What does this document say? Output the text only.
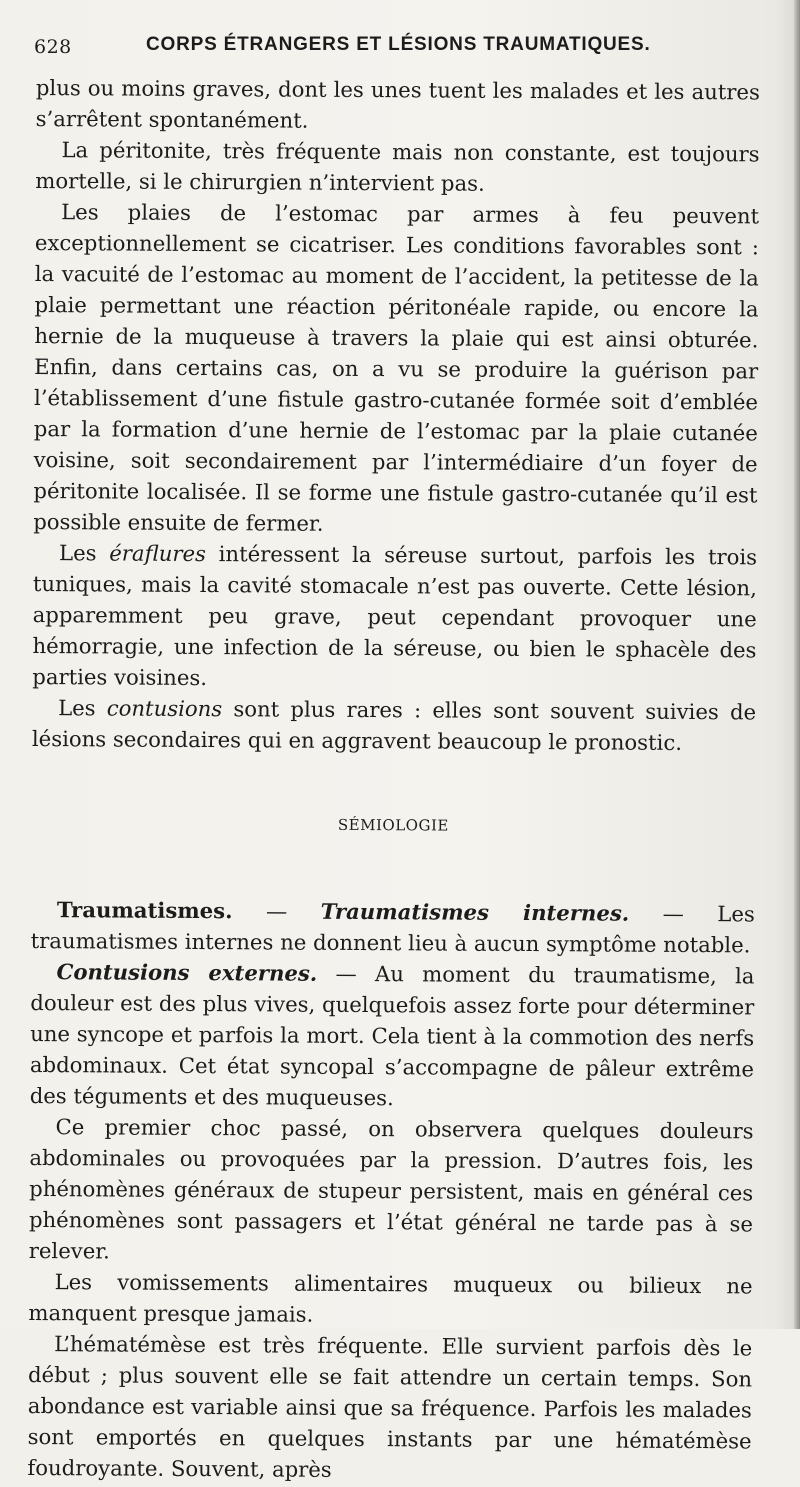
628	CORPS ÉTRANGERS ET LÉSIONS TRAUMATIQUES.

plus ou moins graves, dont les unes tuent les malades et les autres s’arrêtent spontanément.

La péritonite, très fréquente mais non constante, est toujours mortelle, si le chirurgien n’intervient pas.

Les plaies de l’estomac par armes à feu peuvent exceptionnellement se cicatriser. Les conditions favorables sont : la vacuité de l’estomac au moment de l’accident, la petitesse de la plaie permettant une réaction péritonéale rapide, ou encore la hernie de la muqueuse à travers la plaie qui est ainsi obturée. Enfin, dans certains cas, on a vu se produire la guérison par l’établissement d’une fistule gastro-cutanée formée soit d’emblée par la formation d’une hernie de l’estomac par la plaie cutanée voisine, soit secondairement par l’intermédiaire d’un foyer de péritonite localisée. Il se forme une fistule gastro-cutanée qu’il est possible ensuite de fermer.

Les éraflures intéressent la séreuse surtout, parfois les trois tuniques, mais la cavité stomacale n’est pas ouverte. Cette lésion, apparemment peu grave, peut cependant provoquer une hémorragie, une infection de la séreuse, ou bien le sphacèle des parties voisines.

Les contusions sont plus rares : elles sont souvent suivies de lésions secondaires qui en aggravent beaucoup le pronostic.

SÉMIOLOGIE

Traumatismes. — Traumatismes internes. — Les traumatismes internes ne donnent lieu à aucun symptôme notable.

Contusions externes. — Au moment du traumatisme, la douleur est des plus vives, quelquefois assez forte pour déterminer une syncope et parfois la mort. Cela tient à la commotion des nerfs abdominaux. Cet état syncopal s’accompagne de pâleur extrême des téguments et des muqueuses.

Ce premier choc passé, on observera quelques douleurs abdominales ou provoquées par la pression. D’autres fois, les phénomènes généraux de stupeur persistent, mais en général ces phénomènes sont passagers et l’état général ne tarde pas à se relever.

Les vomissements alimentaires muqueux ou bilieux ne manquent presque jamais.

L’hématémèse est très fréquente. Elle survient parfois dès le début ; plus souvent elle se fait attendre un certain temps. Son abondance est variable ainsi que sa fréquence. Parfois les malades sont emportés en quelques instants par une hématémèse foudroyante. Souvent, après
